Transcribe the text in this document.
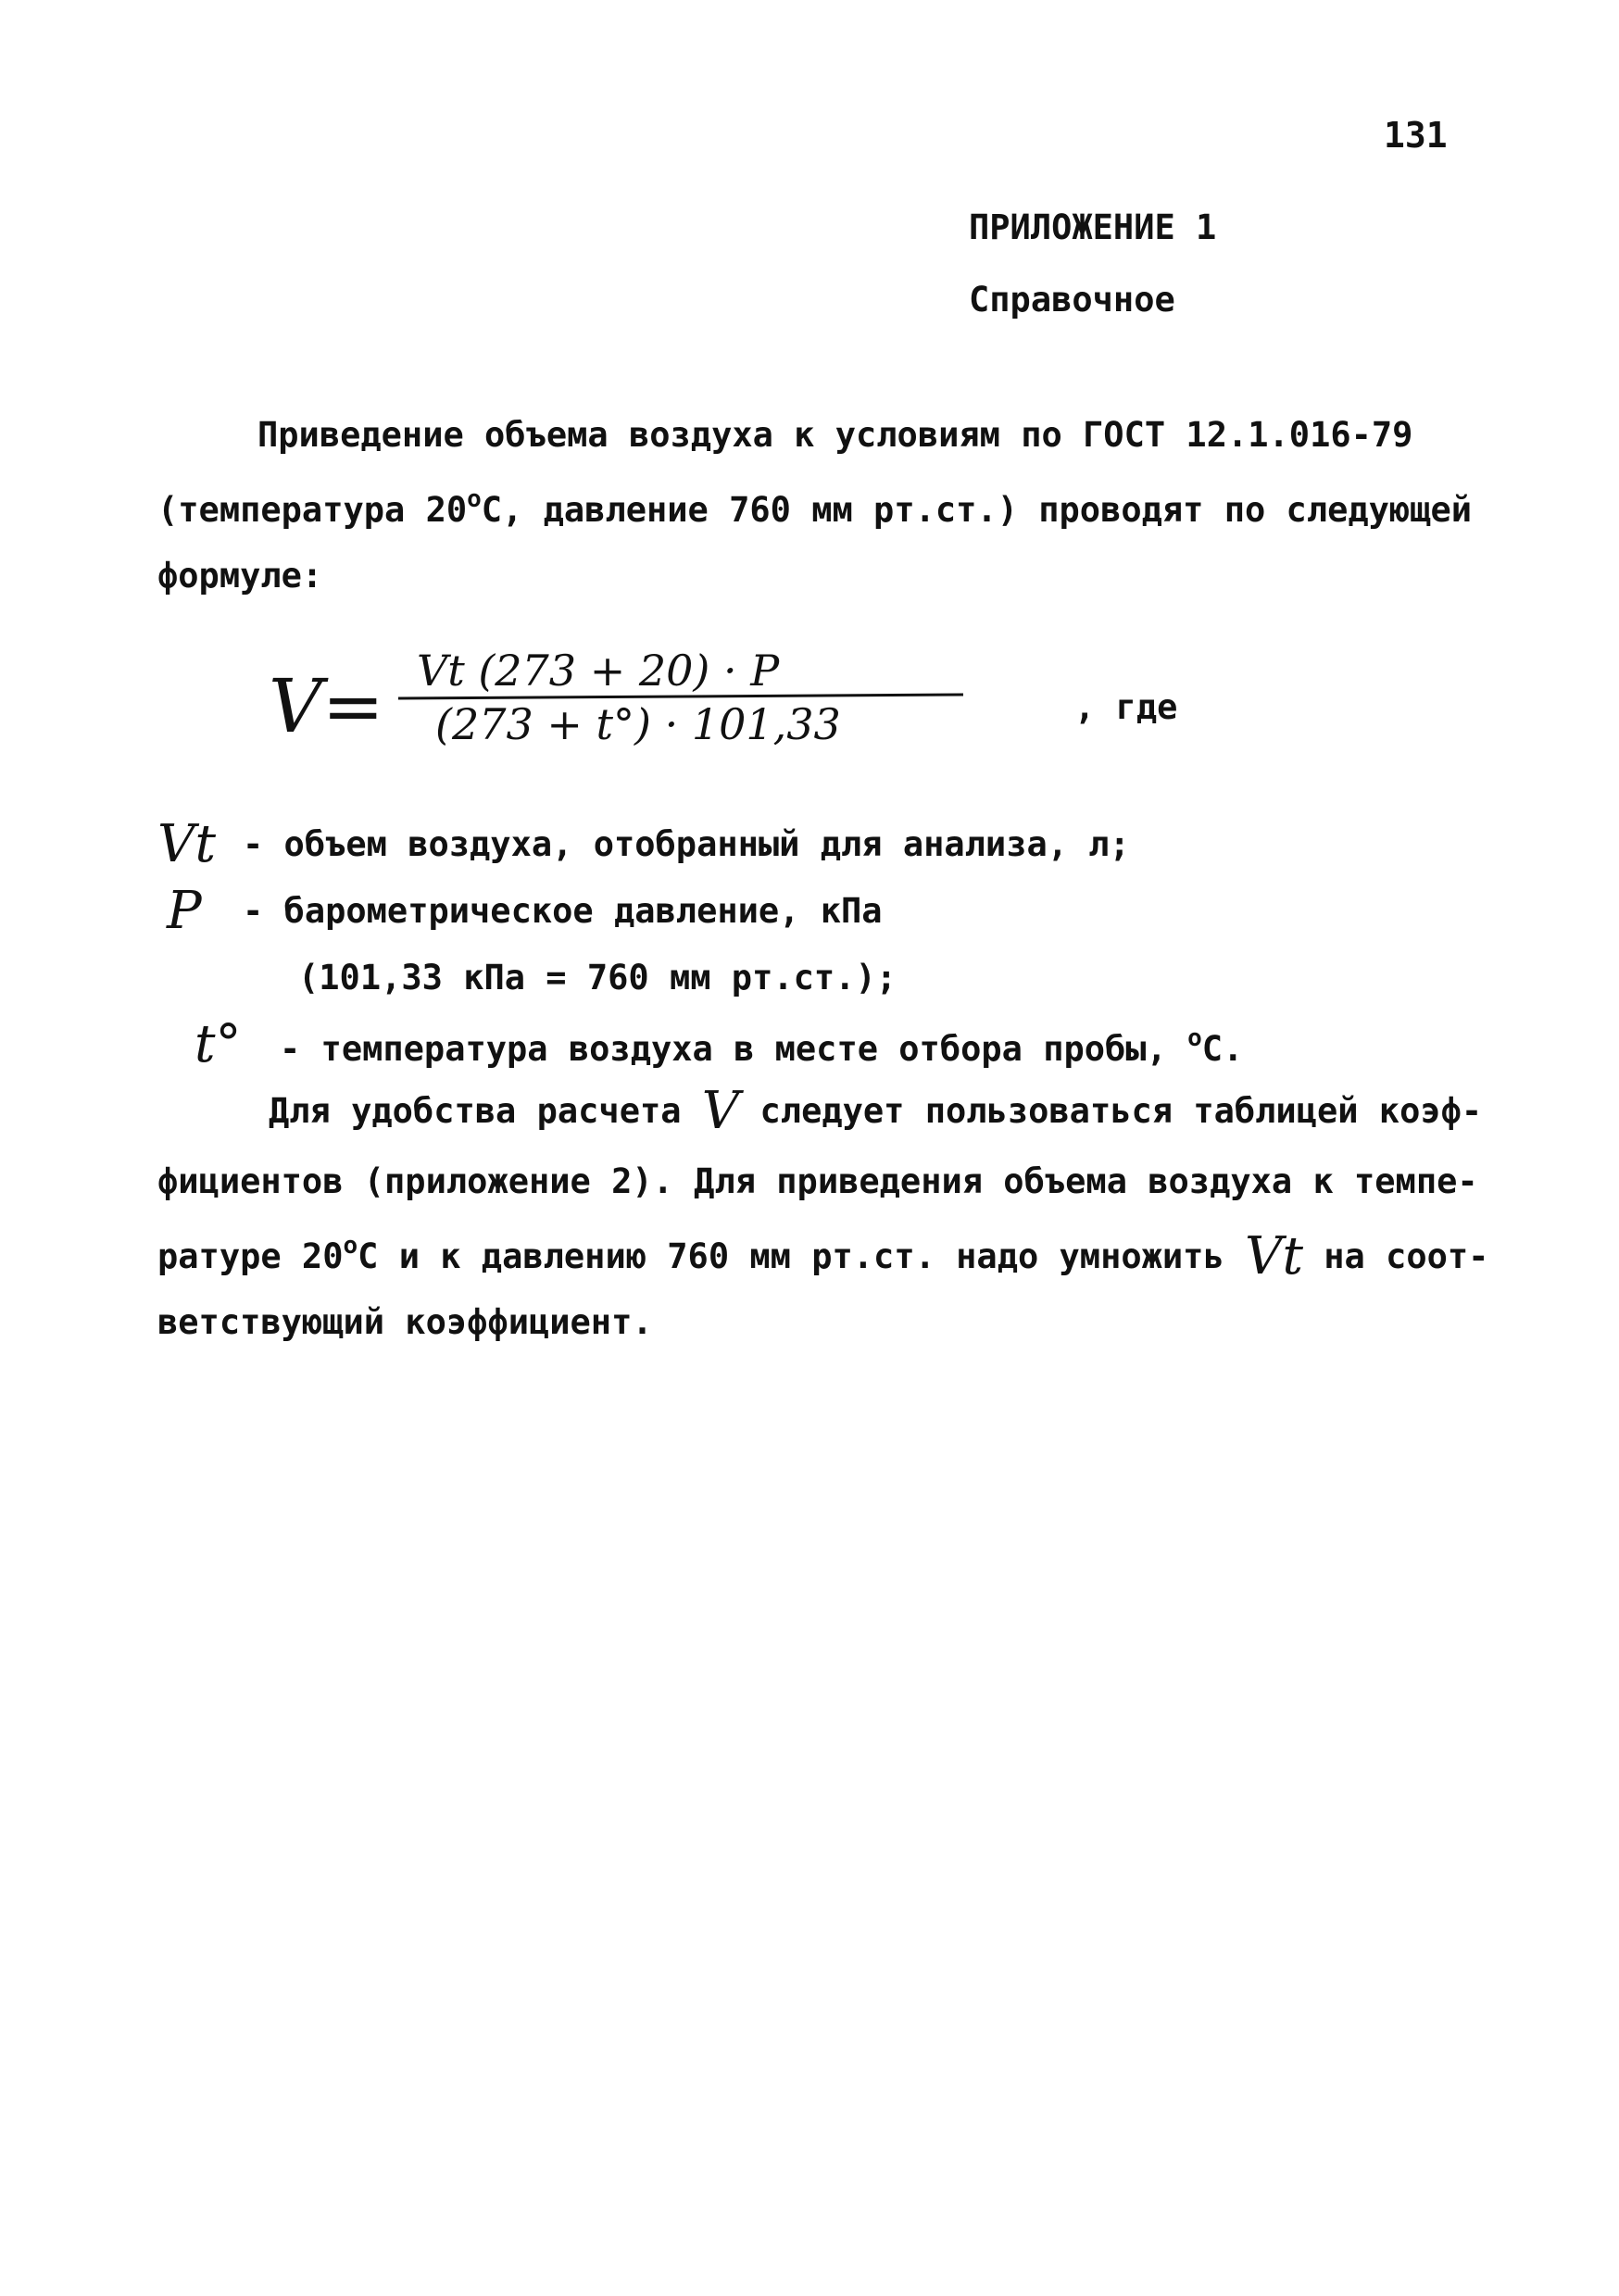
131
ПРИЛОЖЕНИЕ 1
Справочное
Приведение объема воздуха к условиям по ГОСТ 12.1.016-79
(температура 20$^o$С, давление 760 мм рт.ст.) проводят по следующей
формуле:
V= Vt (273 + 20) · P
(273 + t°) · 101,33	, где
Vt - объем воздуха, отобранный для анализа, л;
P - барометрическое давление, кПа
(101,33 кПа = 760 мм рт.ст.);
t° - температура воздуха в месте отбора пробы, $^o$С.
Для удобства расчета V следует пользоваться таблицей коэф-
фициентов (приложение 2). Для приведения объема воздуха к темпе-
ратуре 20$^o$С и к давлению 760 мм рт.ст. надо умножить Vt на соот-
ветствующий коэффициент.
